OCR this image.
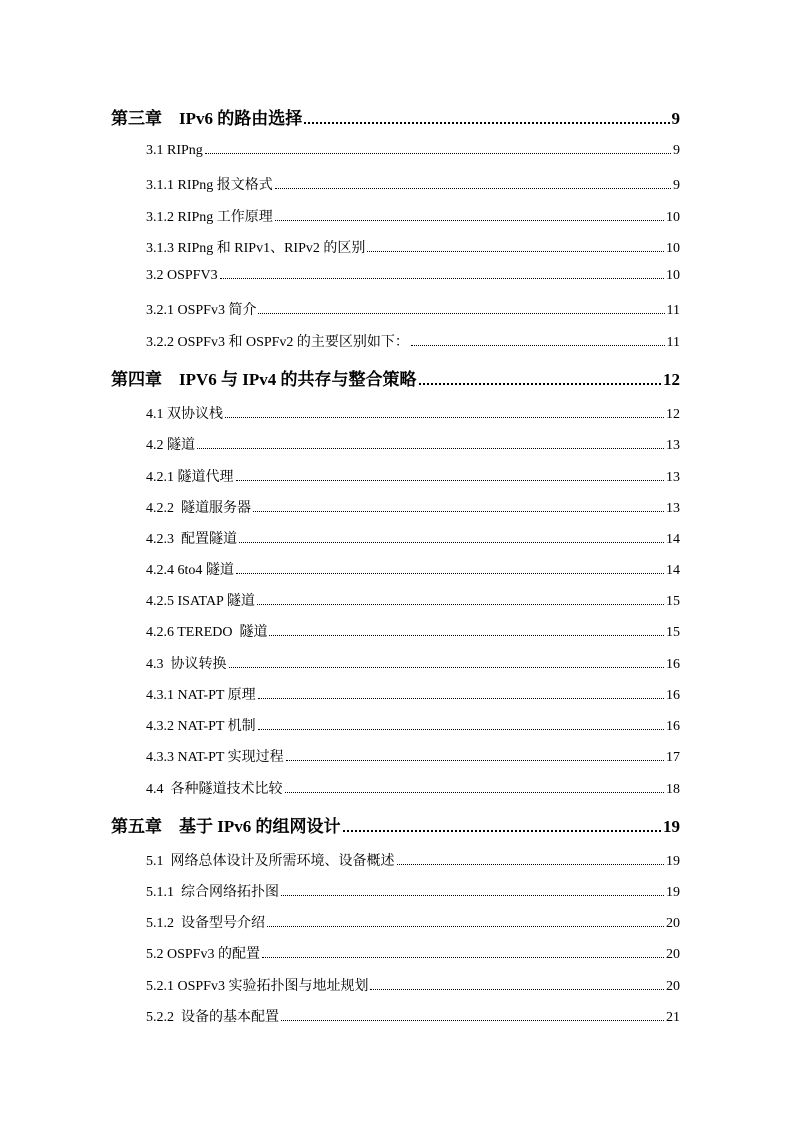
第三章    IPv6 的路由选择	9
3.1 RIPng	9
3.1.1 RIPng 报文格式	9
3.1.2 RIPng 工作原理	10
3.1.3 RIPng 和 RIPv1、RIPv2 的区别	10
3.2 OSPFV3	10
3.2.1 OSPFv3 简介	11
3.2.2 OSPFv3 和 OSPFv2 的主要区别如下：	11
第四章    IPV6 与 IPv4 的共存与整合策略	12
4.1 双协议栈	12
4.2 隧道	13
4.2.1 隧道代理	13
4.2.2  隧道服务器	13
4.2.3  配置隧道	14
4.2.4 6to4 隧道	14
4.2.5 ISATAP 隧道	15
4.2.6 TEREDO  隧道	15
4.3  协议转换	16
4.3.1 NAT-PT 原理	16
4.3.2 NAT-PT 机制	16
4.3.3 NAT-PT 实现过程	17
4.4  各种隧道技术比较	18
第五章    基于 IPv6 的组网设计	19
5.1  网络总体设计及所需环境、设备概述	19
5.1.1  综合网络拓扑图	19
5.1.2  设备型号介绍	20
5.2 OSPFv3 的配置	20
5.2.1 OSPFv3 实验拓扑图与地址规划	20
5.2.2  设备的基本配置	21
